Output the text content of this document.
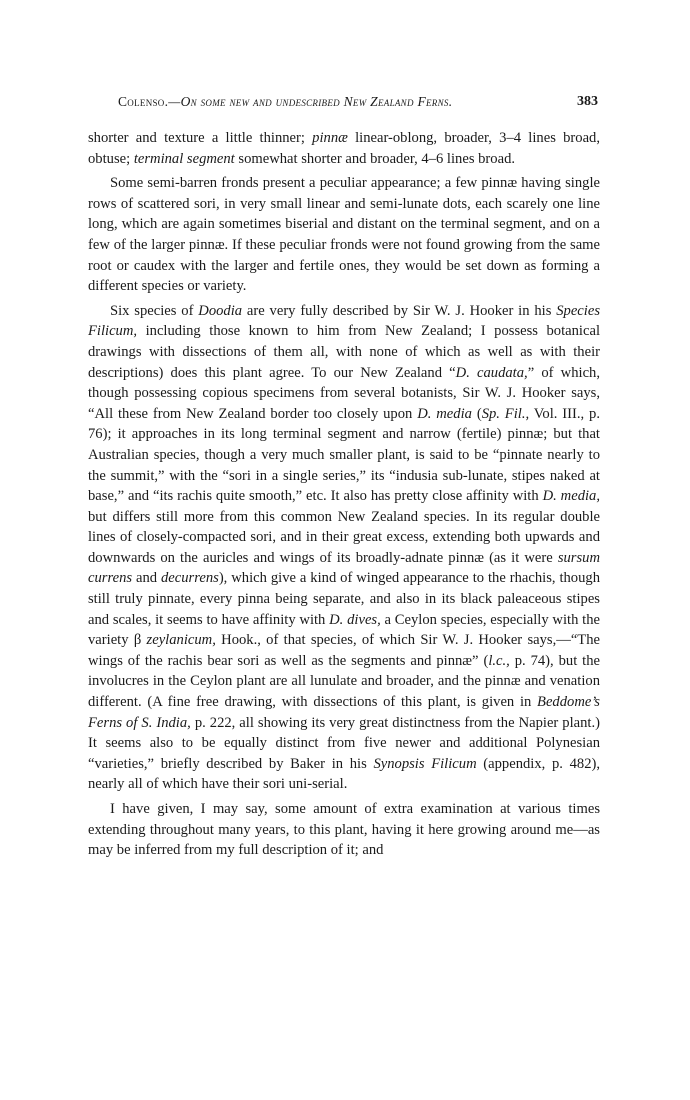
Colenso.—On some new and undescribed New Zealand Ferns.	383

shorter and texture a little thinner; pinnæ linear-oblong, broader, 3–4 lines broad, obtuse; terminal segment somewhat shorter and broader, 4–6 lines broad.

Some semi-barren fronds present a peculiar appearance; a few pinnæ having single rows of scattered sori, in very small linear and semi-lunate dots, each scarely one line long, which are again sometimes biserial and distant on the terminal segment, and on a few of the larger pinnæ. If these peculiar fronds were not found growing from the same root or caudex with the larger and fertile ones, they would be set down as forming a different species or variety.

Six species of Doodia are very fully described by Sir W. J. Hooker in his Species Filicum, including those known to him from New Zealand; I possess botanical drawings with dissections of them all, with none of which as well as with their descriptions) does this plant agree. To our New Zealand “D. caudata,” of which, though possessing copious specimens from several botanists, Sir W. J. Hooker says, “All these from New Zealand border too closely upon D. media (Sp. Fil., Vol. III., p. 76); it approaches in its long terminal segment and narrow (fertile) pinnæ; but that Australian species, though a very much smaller plant, is said to be “pinnate nearly to the summit,” with the “sori in a single series,” its “indusia sub-lunate, stipes naked at base,” and “its rachis quite smooth,” etc. It also has pretty close affinity with D. media, but differs still more from this common New Zealand species. In its regular double lines of closely-compacted sori, and in their great excess, extending both upwards and downwards on the auricles and wings of its broadly-adnate pinnæ (as it were sursum currens and decurrens), which give a kind of winged appearance to the rhachis, though still truly pinnate, every pinna being separate, and also in its black paleaceous stipes and scales, it seems to have affinity with D. dives, a Ceylon species, especially with the variety β zeylanicum, Hook., of that species, of which Sir W. J. Hooker says,—“The wings of the rachis bear sori as well as the segments and pinnæ” (l.c., p. 74), but the involucres in the Ceylon plant are all lunulate and broader, and the pinnæ and venation different. (A fine free drawing, with dissections of this plant, is given in Beddome’s Ferns of S. India, p. 222, all showing its very great distinctness from the Napier plant.) It seems also to be equally distinct from five newer and additional Polynesian “varieties,” briefly described by Baker in his Synopsis Filicum (appendix, p. 482), nearly all of which have their sori uni-serial.

I have given, I may say, some amount of extra examination at various times extending throughout many years, to this plant, having it here growing around me—as may be inferred from my full description of it; and
